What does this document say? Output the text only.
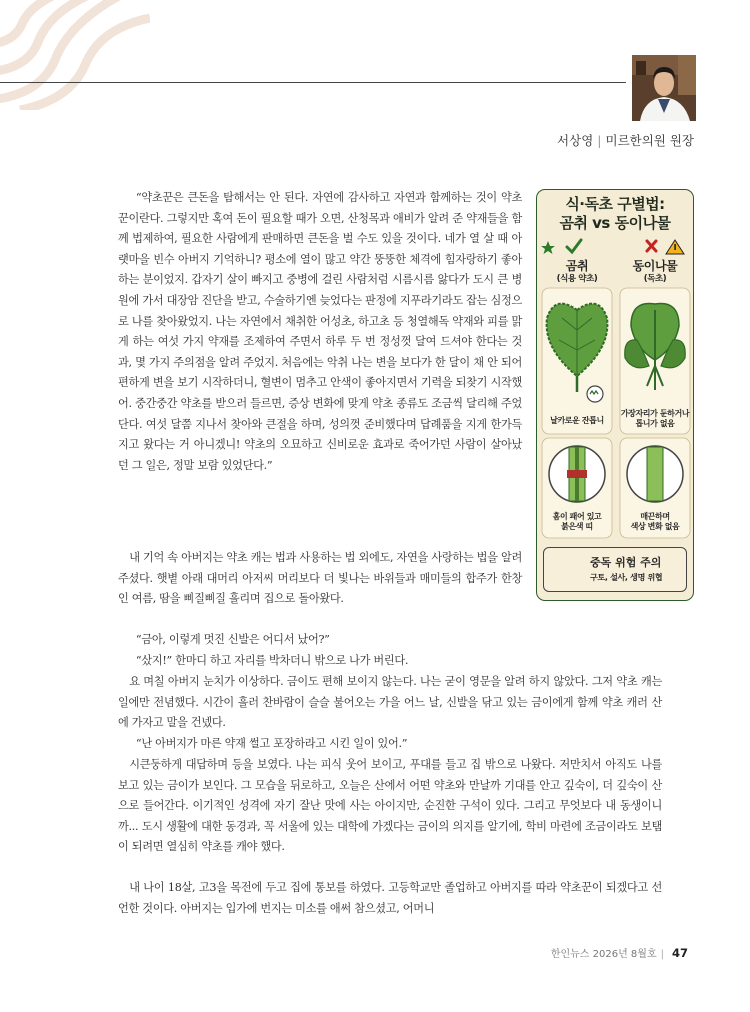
서상영 | 미르한의원 원장
“약초꾼은 큰돈을 탐해서는 안 된다. 자연에 감사하고 자연과 함께하는 것이 약초꾼이란다. 그렇지만 혹여 돈이 필요할 때가 오면, 산청목과 애비가 알려 준 약재들을 함께 법제하여, 필요한 사람에게 판매하면 큰돈을 벌 수도 있을 것이다. 네가 열 살 때 아랫마을 빈수 아버지 기억하니? 평소에 열이 많고 약간 뚱뚱한 체격에 힘자랑하기 좋아하는 분이었지. 갑자기 살이 빠지고 중병에 걸린 사람처럼 시름시름 앓다가 도시 큰 병원에 가서 대장암 진단을 받고, 수술하기엔 늦었다는 판정에 지푸라기라도 잡는 심정으로 나를 찾아왔었지. 나는 자연에서 채취한 어성초, 하고초 등 청열해독 약재와 피를 맑게 하는 여섯 가지 약재를 조제하여 주면서 하루 두 번 정성껏 달여 드셔야 한다는 것과, 몇 가지 주의점을 알려 주었지. 처음에는 악취 나는 변을 보다가 한 달이 채 안 되어 편하게 변을 보기 시작하더니, 혈변이 멈추고 안색이 좋아지면서 기력을 되찾기 시작했어. 중간중간 약초를 받으러 들르면, 증상 변화에 맞게 약초 종류도 조금씩 달리해 주었단다. 여섯 달쯤 지나서 찾아와 큰절을 하며, 성의껏 준비했다며 답례품을 지게 한가득 지고 왔다는 거 아니겠니! 약초의 오묘하고 신비로운 효과로 죽어가던 사람이 살아났던 그 일은, 정말 보람 있었단다.”
내 기억 속 아버지는 약초 캐는 법과 사용하는 법 외에도, 자연을 사랑하는 법을 알려 주셨다. 햇볕 아래 대머리 아저씨 머리보다 더 빛나는 바위들과 매미들의 합주가 한창인 여름, 땀을 삐질삐질 흘리며 집으로 돌아왔다.
“금아, 이렇게 멋진 신발은 어디서 났어?”
“샀지!” 한마디 하고 자리를 박차더니 밖으로 나가 버린다.
요 며칠 아버지 눈치가 이상하다. 금이도 편해 보이지 않는다. 나는 굳이 영문을 알려 하지 않았다. 그저 약초 캐는 일에만 전념했다. 시간이 흘러 찬바람이 슬슬 불어오는 가을 어느 날, 신발을 닦고 있는 금이에게 함께 약초 캐러 산에 가자고 말을 건넸다.
“난 아버지가 마른 약재 썰고 포장하라고 시킨 일이 있어.”
시큰둥하게 대답하며 등을 보였다. 나는 피식 웃어 보이고, 푸대를 들고 집 밖으로 나왔다. 저만치서 아직도 나를 보고 있는 금이가 보인다. 그 모습을 뒤로하고, 오늘은 산에서 어떤 약초와 만날까 기대를 안고 깊숙이, 더 깊숙이 산으로 들어간다. 이기적인 성격에 자기 잘난 맛에 사는 아이지만, 순진한 구석이 있다. 그리고 무엇보다 내 동생이니까... 도시 생활에 대한 동경과, 꼭 서울에 있는 대학에 가겠다는 금이의 의지를 알기에, 학비 마련에 조금이라도 보탬이 되려면 열심히 약초를 캐야 했다.
내 나이 18살, 고3을 목전에 두고 집에 통보를 하였다. 고등학교만 졸업하고 아버지를 따라 약초꾼이 되겠다고 선언한 것이다. 아버지는 입가에 번지는 미소를 애써 참으셨고, 어머니
식·독초 구별법:
곰취 vs 동이나물
곰취
(식용 약초)
동이나물
(독초)
날카로운 잔톱니
가장자리가 둔하거나
톱니가 없음
홈이 패어 있고
붉은색 띠
매끈하며
색상 변화 없음
중독 위험 주의
구토, 설사, 생명 위협
한인뉴스 2026년 8월호 | 47
